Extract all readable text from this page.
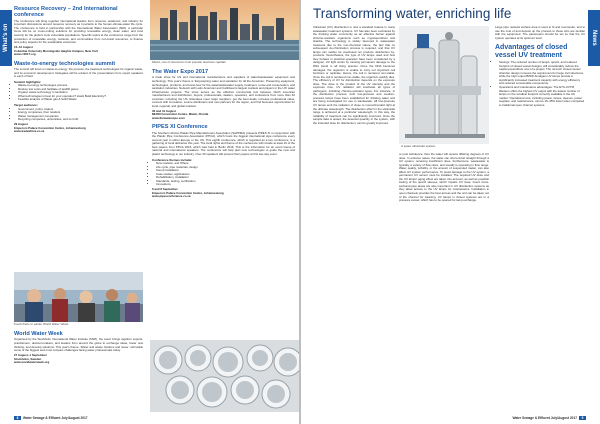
What's on

Resource Recovery – 2nd International conference

The conference will bring together international leaders from resource, academic, and industry for important discussions around resource recovery as it pertains to the human-climate-water life cycle. The conference is held in partnership with the International Water Association (IWA). A particular focus will be on cross-cutting solutions for providing renewable energy, clean water, and food security for the globe's most vulnerable populations. Specific topics at the conference range from the production of renewable energy, nutrients, and commodities from non-fossil resources, to finance and policy aspects for the sustainable enterprise.

10–13 August

Columbia University Morningside Heights Campus, New York

www.rr2017.org

Waste-to-energy technologies summit

The summit will focus on waste-to-energy: the process, the treatment technologies for organic waste, and its economic development. Delegates will be evident of the presentations from expert speakers in each of field.

Summit highlights:

• Waste-to-energy technologies process
• Reduce low costs and facilitate of landfill gases
• Organic waste technology in sanitation
• What technologies is best for your operation? Howit Build Electricity?
• Feasible analysis of Waste gas & Solid Waste

Target audience:

• Government, policy makers
• Energy companies, their retailers
• Waste management companies
• Recycling companies, universities, and so forth.

29 August

Emperors Palace Convention Centre, Johannesburg

www.tradeafrica.co.za

Fresh finds on earlier World Water Week.

World Water Week

Organised by the Stockholm International Water Institute (SIWI), the event brings together experts, practitioners, decision-makers, and leaders from around the globe to exchange ideas, foster new thinking, and develop solutions. This year's theme, 'Water and waste: Reduce and reuse', will tackle some of the biggest and most complex challenges facing water professionals today.

27 August–1 September

Stockholm, Sweden

www.worldwaterweek.org

Miami, one of America's most popular business capitals.

The Water Expo 2017

A trade show for US and international manufacturers and suppliers of water/wastewater equipment and technology. This year's theme is 'Empowering water and sanitation for all the Americas'. Presenting equipment, technologies, products, and know-how for the water/wastewater supply, treatment, reuse and conservation, and sanitation industries. Network with Latin American and Caribbean's largest markets and players in the US' water infrastructure projects. The show serves as the effective commercial tool between North American manufacturers and distributors, buyers, professionals, dealers, operators, and contractors from more than 40 countries, including the US. Attendees meet major suppliers, get the best deals, increase professional value, connect with innovation, source distributors and new partners for the region, and find business opportunities for local, regional, and global markets.

30 and 31 August

MIAMI Convention Centre, Miami, Florida

www.thewaterexpo.com

PIPES XI Conference

The Southern African Plastic Pipe Manufacturers Association (SAPPMA) presents PIPES XI in conjunction with the Plastic Pipe Conference Association (PPCA), which hosts the biggest international pipe conference every second year in either Europe or the US. This eighth conference, which is regarded as a key conference, is a gathering of local deliveries this year. The local rights and theme of the conference will include at least 16 of the best papers from PPCA 2016, which was held in Berlin 2016. This is the information for an event lineup of national and international speakers. The conference will help plan new technologies to guide the new and plastic technology in our industry. Over 30 speakers will present their papers at this two-day event.

Conference themes include:

• New markets, and Where
• Life cycle, pipe materials, design
• Sound installation
• Case studies, applications
• Rehabilitation, installation
• Standards, testing, certification
• Innovations

6 and 8 September

Emperors Palace Convention Centre, Johannesburg

www.pipesconference.co.za

8 Water Sewage & Effluent July/August 2017
News
Transforming water, enriching life

Ultraviolet (UV) disinfection is now a standard feature in many wastewater treatment systems. UV has also been embraced by the drinking water community as an effective barrier against chlorine-resistant organisms such as cryptosporidium and Giardia. The technology is widely favoured in wastewater treatment due to the non-chemical nature, the fact that no subsequent de-chlorination process is required, and that UV lamps can neither be overdosed nor produce disinfection by-products. Nevertheless, the type of UV lamps used and how they behave in practical operation have been considered by a designer. UV light works by causing permanent damage to the DNA found in all living species. Once the DNA becomes damaged, the organism is unable to carry out important cell functions or replicate. Hence, the cell is rendered non-viable. Once the cell is rendered non-viable, the organism quickly dies. The efficiency of UV for disinfection depends on the exposure dose. The dose is the product of the UV intensity and the exposure time. UV radiation will inactivate all types of pathogens, including chlorine-resistant types. For instance, in the disinfection process, both low-pressure and medium-pressure lamps have been established for drinking water and are being investigated for use in wastewater. All low-pressure UV lamps emit the radiation of close to monochromatic light at the ultimate wavelength. The disinfection effect in the ultraviolet range is achieved at a particular wavelength. In this way, the reliability of treatment can be significantly improved. Once the sample data is tested, the detected quantity in the system, with the intended dose for disinfection, can be greatly improved.

A spare ultraviolet system.

or post turbulence, then the water will receive differing degrees of UV dose. In extreme cases, the water can short-circuit straight through a UV system, receiving insufficient dose. Furthermore, wastewater is typically a variety of flow rates, and usually is operating in flow range. Water quality, turbidity, or the amount of suspended matter, can also affect UV system performance. To avoid damage to the UV system, a permanent UV sensor must be installed. The required UV dose and the UV lamps' aging effect are taken into account, as well as possible fouling of the quartz sleeves, which impairs UV dose. Good cross-sectional pipe areas are also important in UV disinfection systems as they allow access to the UV lamps for maintenance. Installation in open channels provides the best access and the unit can be taken out of the channel for cleaning. UV lamps in closed systems are in a pressure vessel, which has to be opened for lamp exchange.

Large pipe network surface area is used to fit and recompute, and to use the cost of and deposit up the process to those who are familiar with the equipment. The parameters should be set so that the UV system operates at its optimum level.

Advantages of closed vessel UV treatment

• Savings: The reduced number of lamps, quartz, and reduced footprint of closed vessel designs, will considerably reduce the capital expenditure cost of a project. The 'air-lock' closed vessel chamber design removes the requirement for large civil structures, while the high output BINW Amalgam UV lamps provide a significantly increased treatment capacity with energy efficiency and reduced consumable components.
• Operations and maintenance advantages: The ETS-UVTM Wedeco offers the highest UV output with the lowest number of lamps on the smallest footprint currently available in the UK market. Operational cost, including power, lamps, sleeves, power supplies, and maintenance, can be 15–35% lower when compared to traditional open channel systems.
Water Sewage & Effluent July/August 2017 9
